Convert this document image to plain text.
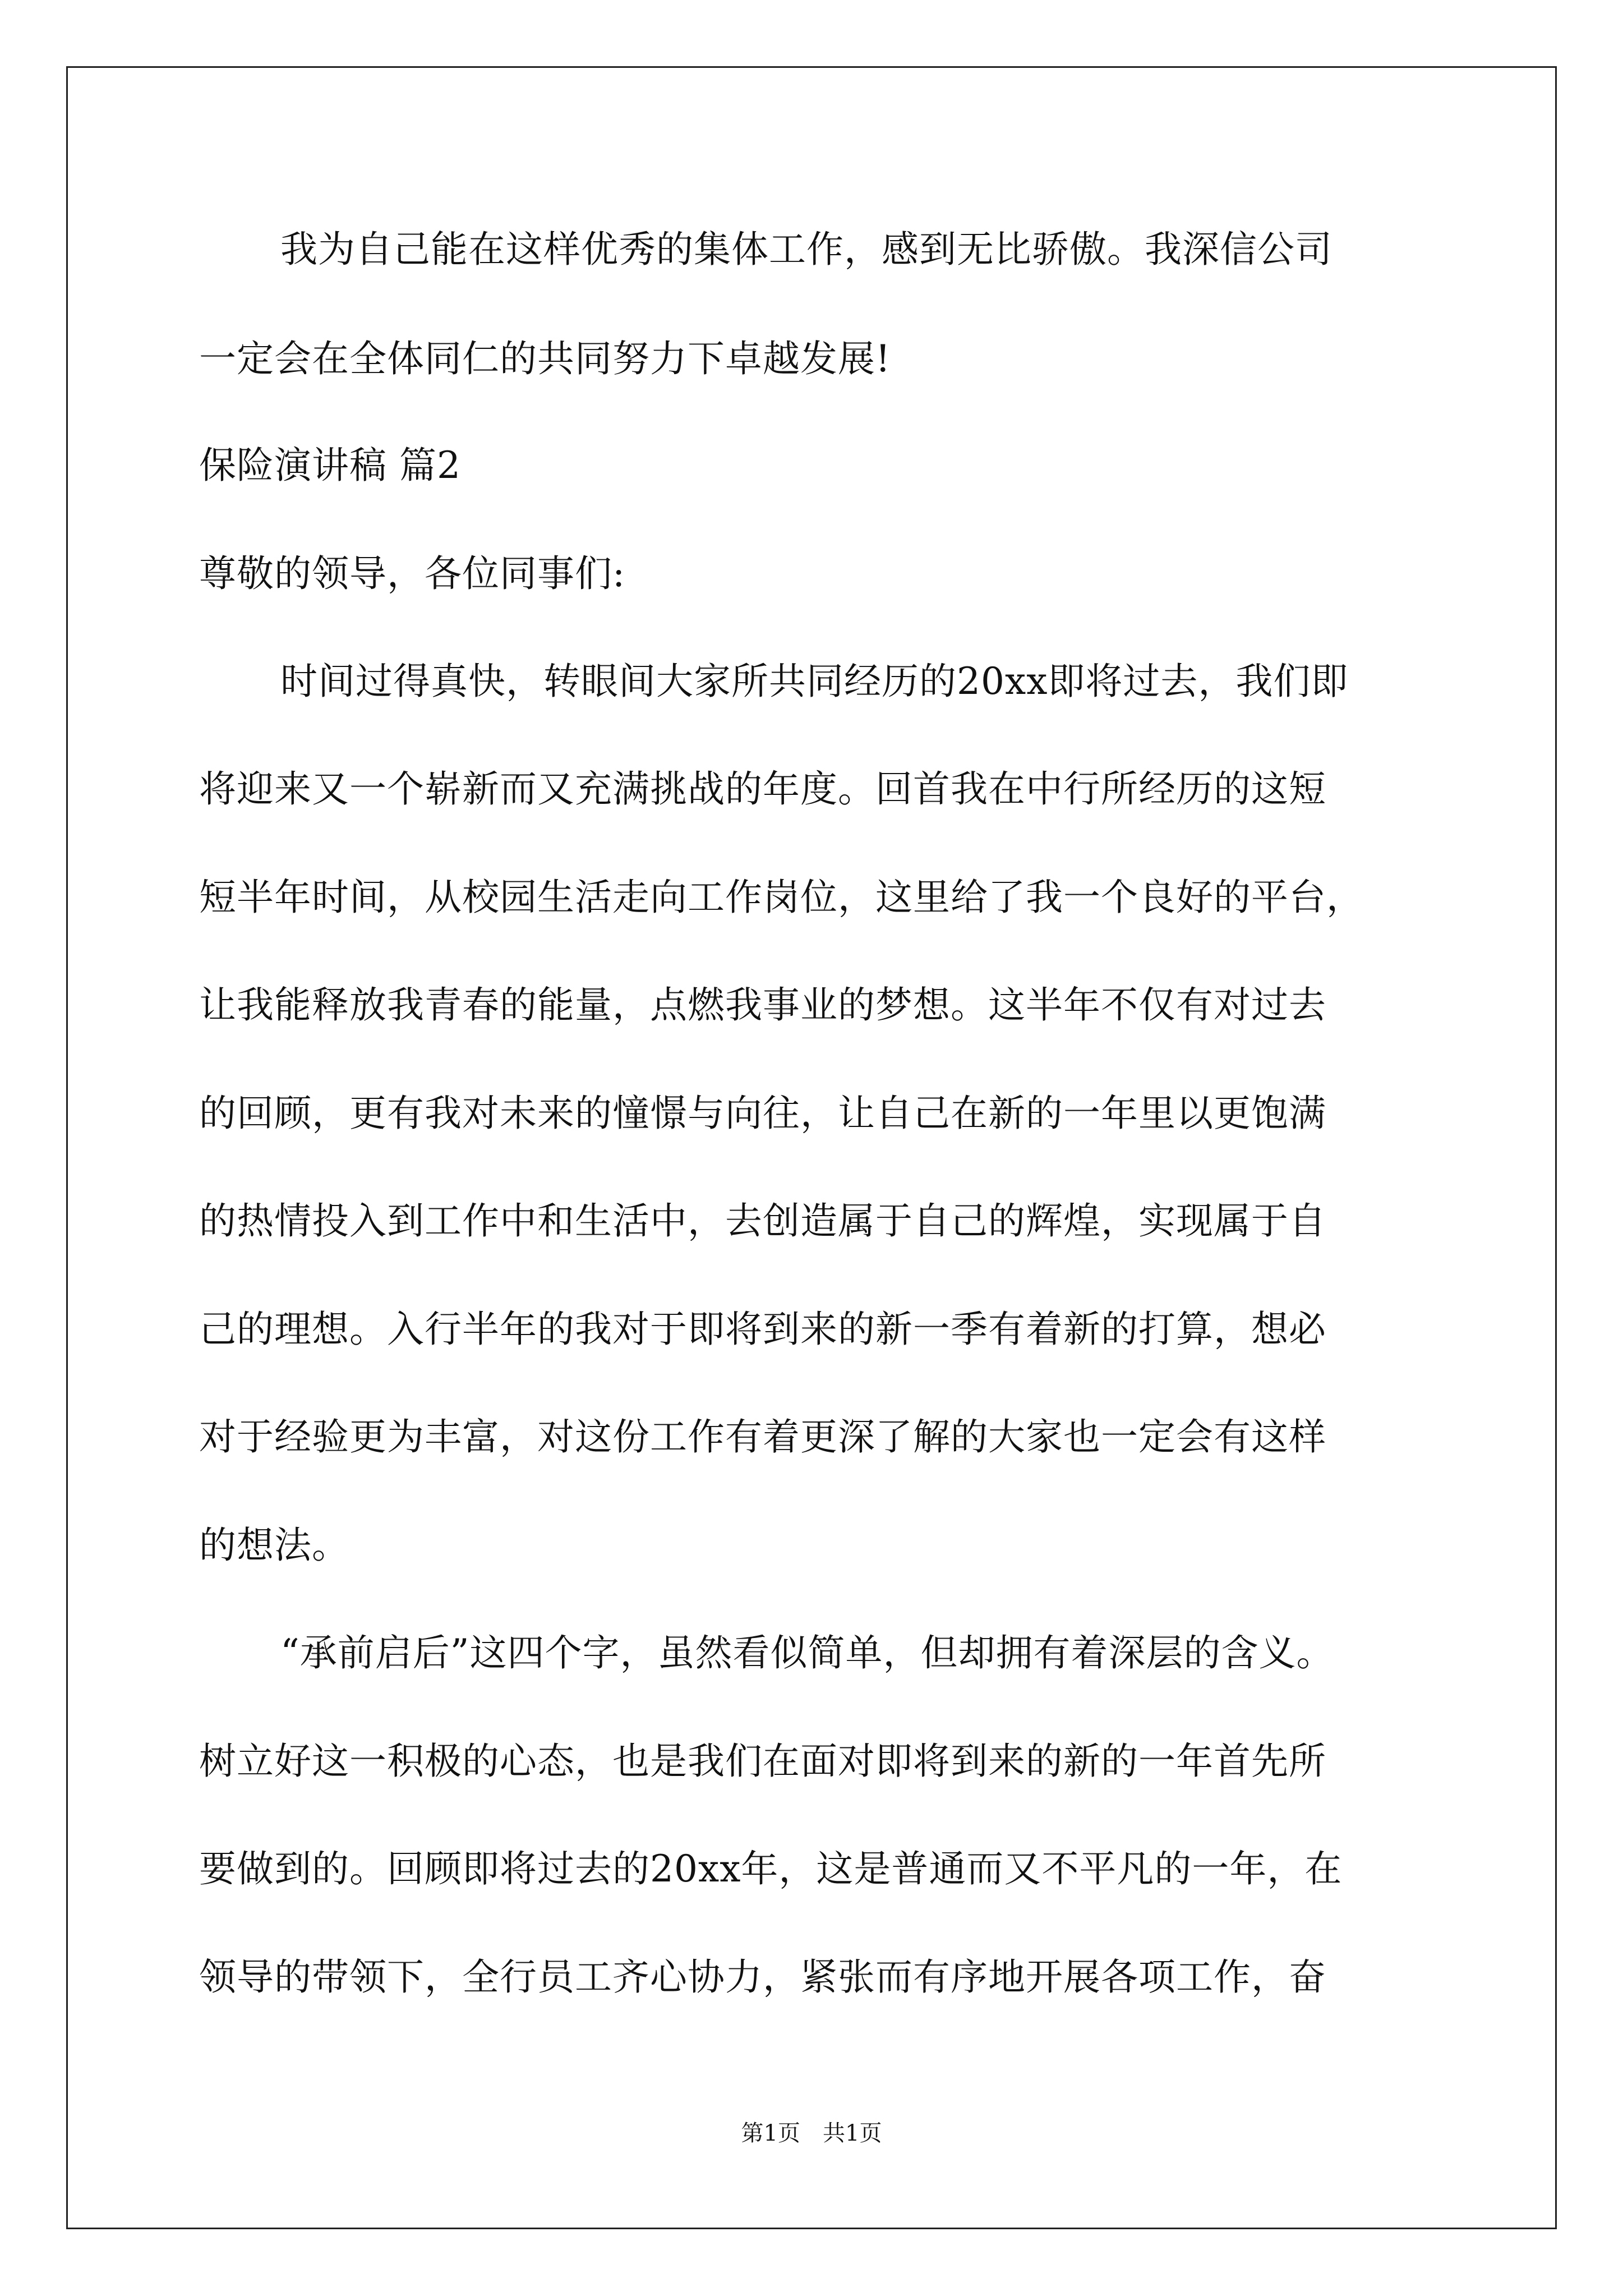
我为自己能在这样优秀的集体工作，感到无比骄傲。我深信公司
一定会在全体同仁的共同努力下卓越发展!
保险演讲稿 篇2
尊敬的领导，各位同事们:
时间过得真快，转眼间大家所共同经历的20xx即将过去，我们即
将迎来又一个崭新而又充满挑战的年度。回首我在中行所经历的这短
短半年时间，从校园生活走向工作岗位，这里给了我一个良好的平台，
让我能释放我青春的能量，点燃我事业的梦想。这半年不仅有对过去
的回顾，更有我对未来的憧憬与向往，让自己在新的一年里以更饱满
的热情投入到工作中和生活中，去创造属于自己的辉煌，实现属于自
己的理想。入行半年的我对于即将到来的新一季有着新的打算，想必
对于经验更为丰富，对这份工作有着更深了解的大家也一定会有这样
的想法。
“承前启后”这四个字，虽然看似简单，但却拥有着深层的含义。
树立好这一积极的心态，也是我们在面对即将到来的新的一年首先所
要做到的。回顾即将过去的20xx年，这是普通而又不平凡的一年，在
领导的带领下，全行员工齐心协力，紧张而有序地开展各项工作，奋
第1页　共1页
